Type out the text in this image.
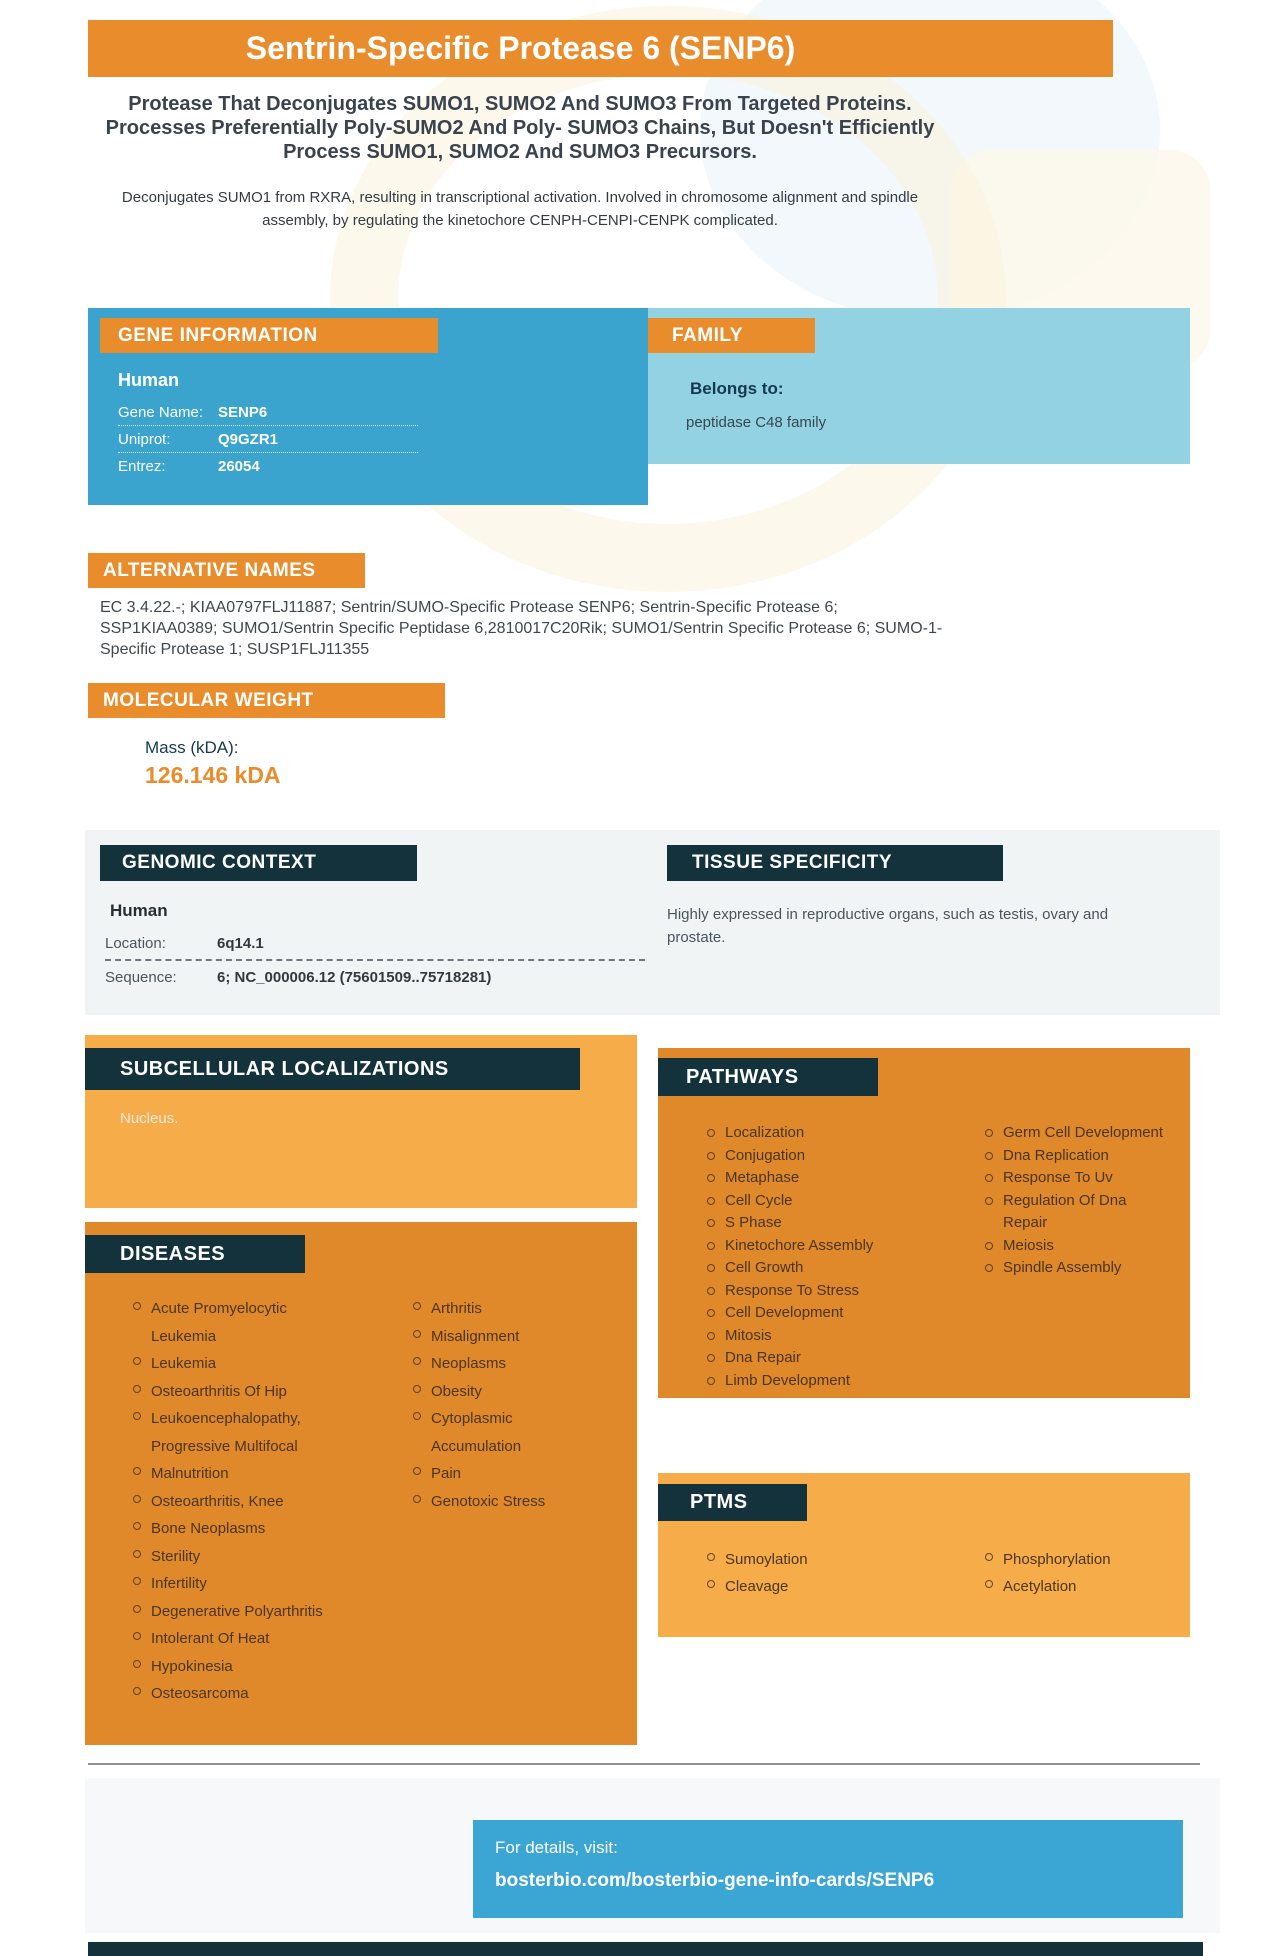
Sentrin-Specific Protease 6 (SENP6)
Protease That Deconjugates SUMO1, SUMO2 And SUMO3 From Targeted Proteins. Processes Preferentially Poly-SUMO2 And Poly- SUMO3 Chains, But Doesn't Efficiently Process SUMO1, SUMO2 And SUMO3 Precursors.
Deconjugates SUMO1 from RXRA, resulting in transcriptional activation. Involved in chromosome alignment and spindle assembly, by regulating the kinetochore CENPH-CENPI-CENPK complicated.
GENE INFORMATION
Human
Gene Name: SENP6
Uniprot:	Q9GZR1
Entrez:	26054
FAMILY
Belongs to:
peptidase C48 family
ALTERNATIVE NAMES
EC 3.4.22.-; KIAA0797FLJ11887; Sentrin/SUMO-Specific Protease SENP6; Sentrin-Specific Protease 6; SSP1KIAA0389; SUMO1/Sentrin Specific Peptidase 6,2810017C20Rik; SUMO1/Sentrin Specific Protease 6; SUMO-1-Specific Protease 1; SUSP1FLJ11355
MOLECULAR WEIGHT
Mass (kDA):
126.146 kDA
GENOMIC CONTEXT
Human
Location:	6q14.1
Sequence:	6; NC_000006.12 (75601509..75718281)
TISSUE SPECIFICITY
Highly expressed in reproductive organs, such as testis, ovary and prostate.
SUBCELLULAR LOCALIZATIONS
Nucleus.
PATHWAYS
Localization
Conjugation
Metaphase
Cell Cycle
S Phase
Kinetochore Assembly
Cell Growth
Response To Stress
Cell Development
Mitosis
Dna Repair
Limb Development
Germ Cell Development
Dna Replication
Response To Uv
Regulation Of Dna Repair
Meiosis
Spindle Assembly
DISEASES
Acute Promyelocytic Leukemia
Leukemia
Osteoarthritis Of Hip
Leukoencephalopathy, Progressive Multifocal
Malnutrition
Osteoarthritis, Knee
Bone Neoplasms
Sterility
Infertility
Degenerative Polyarthritis
Intolerant Of Heat
Hypokinesia
Osteosarcoma
Arthritis
Misalignment
Neoplasms
Obesity
Cytoplasmic Accumulation
Pain
Genotoxic Stress	PTMS
Sumoylation
Cleavage
Phosphorylation
Acetylation
For details, visit:
bosterbio.com/bosterbio-gene-info-cards/SENP6
